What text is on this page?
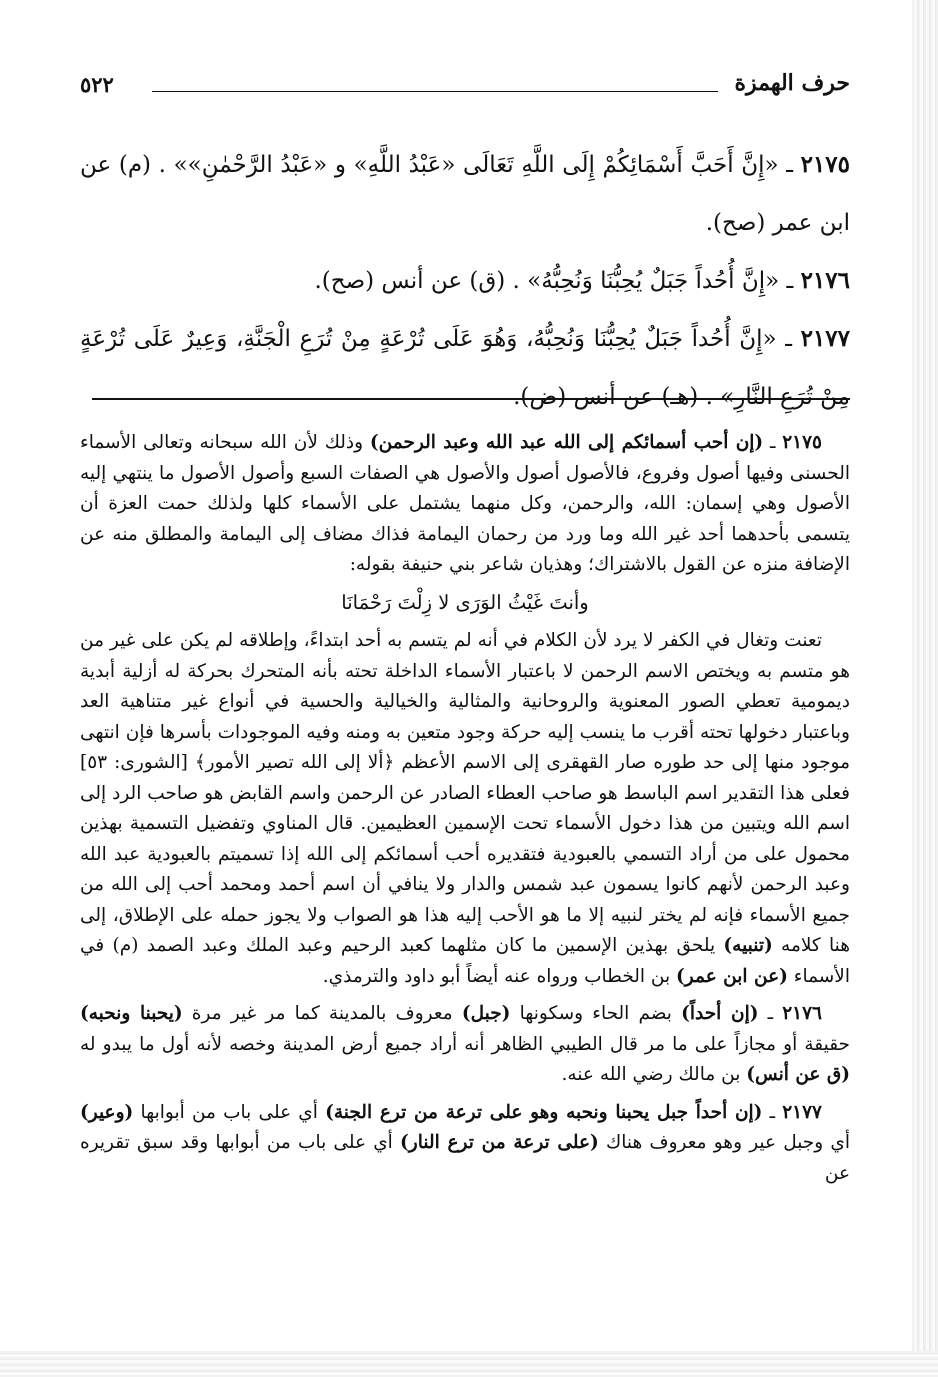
حرف الهمزة
٥٢٢

٢١٧٥ ـ «إِنَّ أَحَبَّ أَسْمَائِكُمْ إِلَى اللَّهِ تَعَالَى «عَبْدُ اللَّهِ» و «عَبْدُ الرَّحْمٰنِ»» . (م) عن ابن عمر (صح).

٢١٧٦ ـ «إِنَّ أُحُداً جَبَلٌ يُحِبُّنَا وَنُحِبُّهُ» . (ق) عن أنس (صح).

٢١٧٧ ـ «إِنَّ أُحُداً جَبَلٌ يُحِبُّنَا وَنُحِبُّهُ، وَهُوَ عَلَى تُرْعَةٍ مِنْ تُرَعِ الْجَنَّةِ، وَعِيرٌ عَلَى تُرْعَةٍ مِنْ تُرَعِ النَّارِ» . (هـ) عن أنس (ض).

٢١٧٥ ـ (إن أحب أسمائكم إلى الله عبد الله وعبد الرحمن) وذلك لأن الله سبحانه وتعالى الأسماء الحسنى وفيها أصول وفروع، فالأصول أصول والأصول هي الصفات السبع وأصول الأصول ما ينتهي إليه الأصول وهي إسمان: الله، والرحمن، وكل منهما يشتمل على الأسماء كلها ولذلك حمت العزة أن يتسمى بأحدهما أحد غير الله وما ورد من رحمان اليمامة فذاك مضاف إلى اليمامة والمطلق منه عن الإضافة منزه عن القول بالاشتراك؛ وهذيان شاعر بني حنيفة بقوله:

وأنتَ غَيْثُ الوَرَى لا زِلْتَ رَحْمَانَا

تعنت وتغال في الكفر لا يرد لأن الكلام في أنه لم يتسم به أحد ابتداءً، وإطلاقه لم يكن على غير من هو متسم به ويختص الاسم الرحمن لا باعتبار الأسماء الداخلة تحته بأنه المتحرك بحركة له أزلية أبدية ديمومية تعطي الصور المعنوية والروحانية والمثالية والخيالية والحسية في أنواع غير متناهية العد وباعتبار دخولها تحته أقرب ما ينسب إليه حركة وجود متعين به ومنه وفيه الموجودات بأسرها فإن انتهى موجود منها إلى حد طوره صار القهقرى إلى الاسم الأعظم ﴿ألا إلى الله تصير الأمور﴾ [الشورى: ٥٣] فعلى هذا التقدير اسم الباسط هو صاحب العطاء الصادر عن الرحمن واسم القابض هو صاحب الرد إلى اسم الله ويتبين من هذا دخول الأسماء تحت الإسمين العظيمين. قال المناوي وتفضيل التسمية بهذين محمول على من أراد التسمي بالعبودية فتقديره أحب أسمائكم إلى الله إذا تسميتم بالعبودية عبد الله وعبد الرحمن لأنهم كانوا يسمون عبد شمس والدار ولا ينافي أن اسم أحمد ومحمد أحب إلى الله من جميع الأسماء فإنه لم يختر لنبيه إلا ما هو الأحب إليه هذا هو الصواب ولا يجوز حمله على الإطلاق، إلى هنا كلامه (تنبيه) يلحق بهذين الإسمين ما كان مثلهما كعبد الرحيم وعبد الملك وعبد الصمد (م) في الأسماء (عن ابن عمر) بن الخطاب ورواه عنه أيضاً أبو داود والترمذي.

٢١٧٦ ـ (إن أحداً) بضم الحاء وسكونها (جبل) معروف بالمدينة كما مر غير مرة (يحبنا ونحبه) حقيقة أو مجازاً على ما مر قال الطيبي الظاهر أنه أراد جميع أرض المدينة وخصه لأنه أول ما يبدو له (ق عن أنس) بن مالك رضي الله عنه.

٢١٧٧ ـ (إن أحداً جبل يحبنا ونحبه وهو على ترعة من ترع الجنة) أي على باب من أبوابها (وعير) أي وجبل عير وهو معروف هناك (على ترعة من ترع النار) أي على باب من أبوابها وقد سبق تقريره عن
